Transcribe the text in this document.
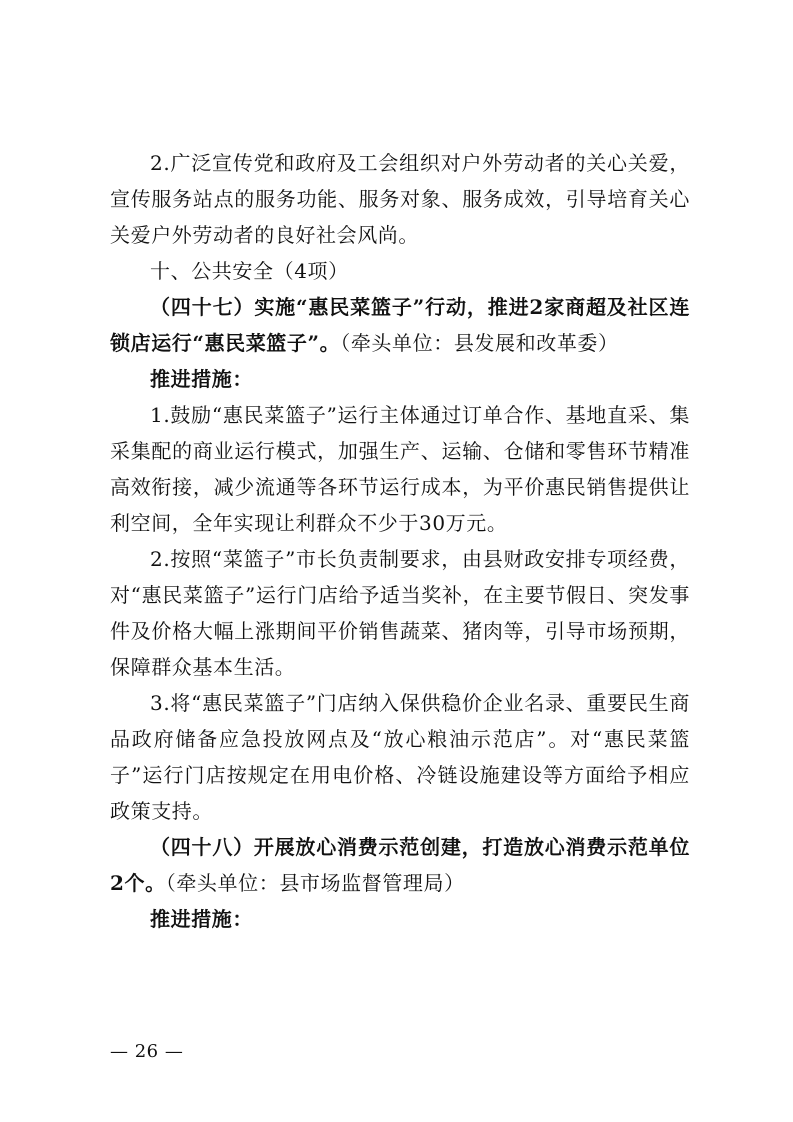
2.广泛宣传党和政府及工会组织对户外劳动者的关心关爱，宣传服务站点的服务功能、服务对象、服务成效，引导培育关心关爱户外劳动者的良好社会风尚。

十、公共安全（4项）

（四十七）实施“惠民菜篮子”行动，推进2家商超及社区连锁店运行“惠民菜篮子”。（牵头单位：县发展和改革委）

推进措施：

1.鼓励“惠民菜篮子”运行主体通过订单合作、基地直采、集采集配的商业运行模式，加强生产、运输、仓储和零售环节精准高效衔接，减少流通等各环节运行成本，为平价惠民销售提供让利空间，全年实现让利群众不少于30万元。

2.按照“菜篮子”市长负责制要求，由县财政安排专项经费，对“惠民菜篮子”运行门店给予适当奖补，在主要节假日、突发事件及价格大幅上涨期间平价销售蔬菜、猪肉等，引导市场预期，保障群众基本生活。

3.将“惠民菜篮子”门店纳入保供稳价企业名录、重要民生商品政府储备应急投放网点及“放心粮油示范店”。对“惠民菜篮子”运行门店按规定在用电价格、冷链设施建设等方面给予相应政策支持。

（四十八）开展放心消费示范创建，打造放心消费示范单位2个。（牵头单位：县市场监督管理局）

推进措施：

— 26 —
